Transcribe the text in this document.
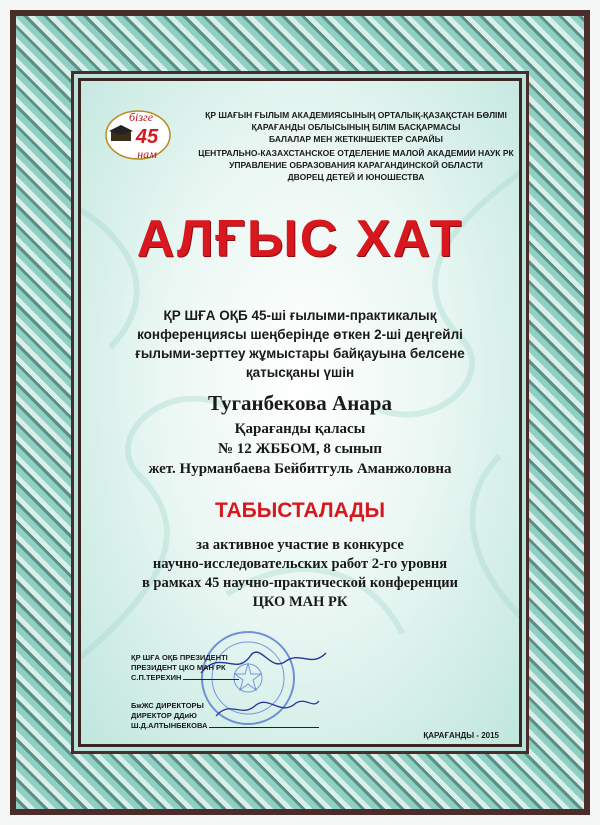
бізге
45
нам
ҚР ШАҒЫН ҒЫЛЫМ АКАДЕМИЯСЫНЫҢ ОРТАЛЫҚ-ҚАЗАҚСТАН БӨЛІМІ
ҚАРАҒАНДЫ ОБЛЫСЫНЫҢ БІЛІМ БАСҚАРМАСЫ
БАЛАЛАР МЕН ЖЕТКІНШЕКТЕР САРАЙЫ
ЦЕНТРАЛЬНО-КАЗАХСТАНСКОЕ ОТДЕЛЕНИЕ МАЛОЙ АКАДЕМИИ НАУК РК
УПРАВЛЕНИЕ ОБРАЗОВАНИЯ КАРАГАНДИНСКОЙ ОБЛАСТИ
ДВОРЕЦ ДЕТЕЙ И ЮНОШЕСТВА
АЛҒЫС ХАТ
ҚР ШҒА ОҚБ 45-ші ғылыми-практикалық
конференциясы шеңберінде өткен 2-ші деңгейлі
ғылыми-зерттеу жұмыстары байқауына белсене
қатысқаны үшін
Туганбекова Анара
Қарағанды қаласы
№ 12 ЖББОМ, 8 сынып
жет. Нурманбаева Бейбитгуль Аманжоловна
ТАБЫСТАЛАДЫ
за активное участие в конкурсе
научно-исследовательских работ 2-го уровня
в рамках 45 научно-практической конференции
ЦКО МАН РК
ҚР ШҒА ОҚБ ПРЕЗИДЕНТІ
ПРЕЗИДЕНТ ЦКО МАН РК
С.П.ТЕРЕХИН
БжЖС ДИРЕКТОРЫ
ДИРЕКТОР ДДиЮ
Ш.Д.АЛТЫНБЕКОВА
ҚАРАҒАНДЫ - 2015
